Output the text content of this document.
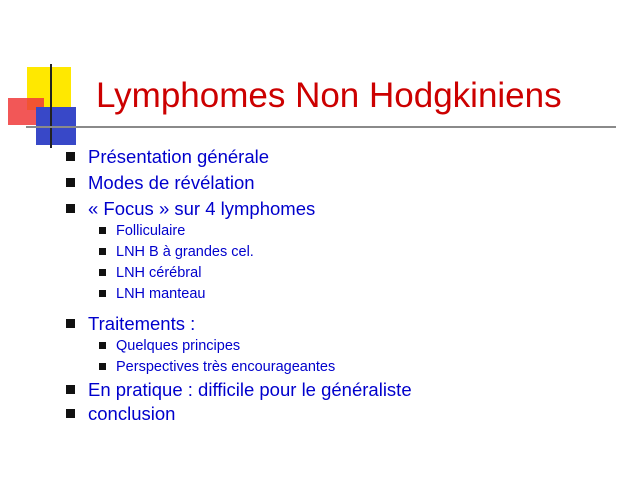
Lymphomes Non Hodgkiniens
Présentation générale
Modes de révélation
« Focus » sur 4 lymphomes
Folliculaire
LNH B à grandes cel.
LNH cérébral
LNH manteau
Traitements :
Quelques principes
Perspectives très encourageantes
En pratique : difficile pour le généraliste
conclusion
